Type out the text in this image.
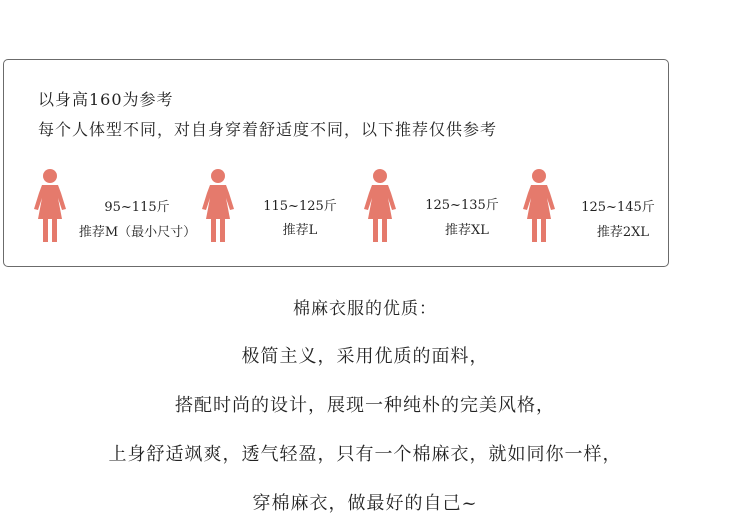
以身高160为参考
每个人体型不同，对自身穿着舒适度不同，以下推荐仅供参考
95~115斤
推荐M（最小尺寸）
115~125斤
推荐L
125~135斤
推荐XL
125~145斤
推荐2XL
棉麻衣服的优质：
极简主义，采用优质的面料，
搭配时尚的设计，展现一种纯朴的完美风格，
上身舒适飒爽，透气轻盈，只有一个棉麻衣，就如同你一样，
穿棉麻衣，做最好的自己~
